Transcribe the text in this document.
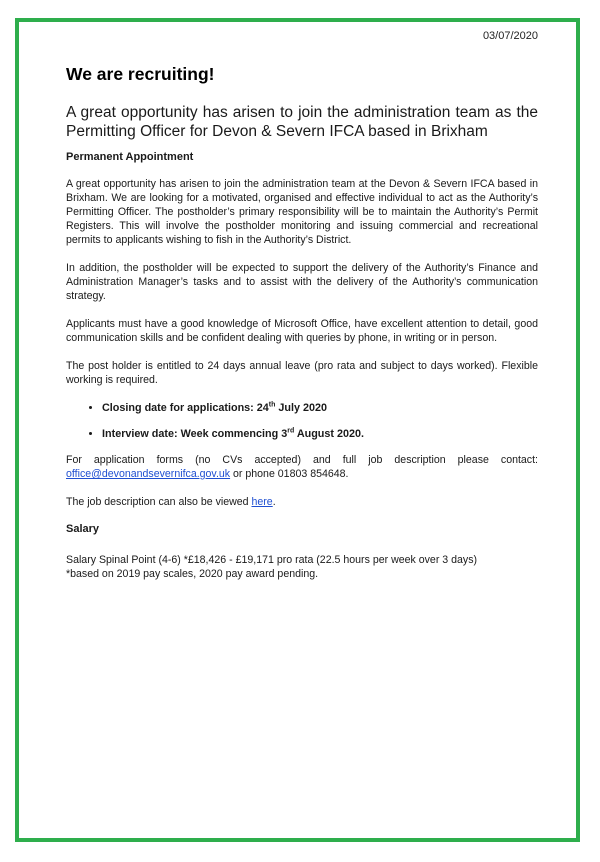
03/07/2020
We are recruiting!
A great opportunity has arisen to join the administration team as the Permitting Officer for Devon & Severn IFCA based in Brixham
Permanent Appointment

A great opportunity has arisen to join the administration team at the Devon & Severn IFCA based in Brixham. We are looking for a motivated, organised and effective individual to act as the Authority’s Permitting Officer. The postholder’s primary responsibility will be to maintain the Authority’s Permit Registers. This will involve the postholder monitoring and issuing commercial and recreational permits to applicants wishing to fish in the Authority’s District.

In addition, the postholder will be expected to support the delivery of the Authority’s Finance and Administration Manager’s tasks and to assist with the delivery of the Authority’s communication strategy.

Applicants must have a good knowledge of Microsoft Office, have excellent attention to detail, good communication skills and be confident dealing with queries by phone, in writing or in person.

The post holder is entitled to 24 days annual leave (pro rata and subject to days worked). Flexible working is required.

• Closing date for applications: 24th July 2020
• Interview date: Week commencing 3rd August 2020.

For application forms (no CVs accepted) and full job description please contact: office@devonandsevernifca.gov.uk or phone 01803 854648.

The job description can also be viewed here.

Salary

Salary Spinal Point (4-6) *£18,426 - £19,171 pro rata (22.5 hours per week over 3 days)

*based on 2019 pay scales, 2020 pay award pending.
